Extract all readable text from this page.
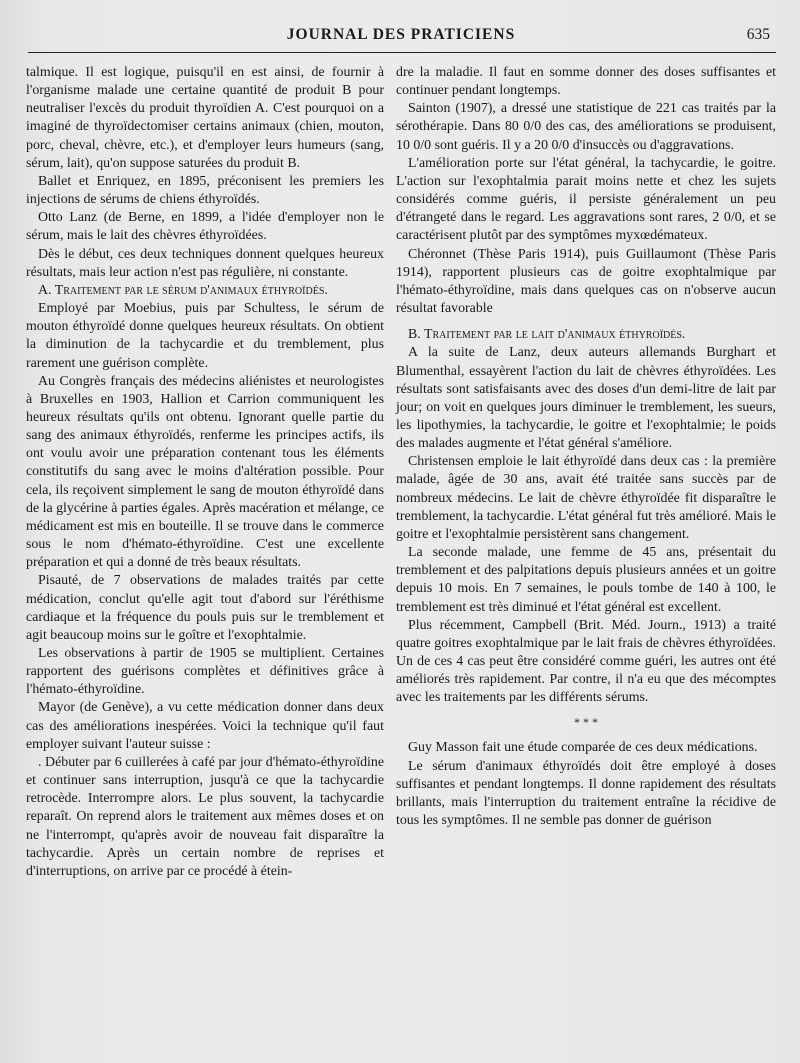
JOURNAL DES PRATICIENS	635

talmique. Il est logique, puisqu'il en est ainsi, de fournir à l'organisme malade une certaine quantité de produit B pour neutraliser l'excès du produit thyroïdien A. C'est pourquoi on a imaginé de thyroïdectomiser certains animaux (chien, mouton, porc, cheval, chèvre, etc.), et d'employer leurs humeurs (sang, sérum, lait), qu'on suppose saturées du produit B.

Ballet et Enriquez, en 1895, préconisent les premiers les injections de sérums de chiens éthyroïdés.

Otto Lanz (de Berne, en 1899, a l'idée d'employer non le sérum, mais le lait des chèvres éthyroïdées.

Dès le début, ces deux techniques donnent quelques heureux résultats, mais leur action n'est pas régulière, ni constante.

A. Traitement par le sérum d'animaux éthyroïdés.

Employé par Moebius, puis par Schultess, le sérum de mouton éthyroïdé donne quelques heureux résultats. On obtient la diminution de la tachycardie et du tremblement, plus rarement une guérison complète.

Au Congrès français des médecins aliénistes et neurologistes à Bruxelles en 1903, Hallion et Carrion communiquent les heureux résultats qu'ils ont obtenu. Ignorant quelle partie du sang des animaux éthyroïdés, renferme les principes actifs, ils ont voulu avoir une préparation contenant tous les éléments constitutifs du sang avec le moins d'altération possible. Pour cela, ils reçoivent simplement le sang de mouton éthyroïdé dans de la glycérine à parties égales. Après macération et mélange, ce médicament est mis en bouteille. Il se trouve dans le commerce sous le nom d'hémato-éthyroïdine. C'est une excellente préparation et qui a donné de très beaux résultats.

Pisauté, de 7 observations de malades traités par cette médication, conclut qu'elle agit tout d'abord sur l'éréthisme cardiaque et la fréquence du pouls puis sur le tremblement et agit beaucoup moins sur le goître et l'exophtalmie.

Les observations à partir de 1905 se multiplient. Certaines rapportent des guérisons complètes et définitives grâce à l'hémato-éthyroïdine.

Mayor (de Genève), a vu cette médication donner dans deux cas des améliorations inespérées. Voici la technique qu'il faut employer suivant l'auteur suisse :

. Débuter par 6 cuillerées à café par jour d'hémato-éthyroïdine et continuer sans interruption, jusqu'à ce que la tachycardie retrocède. Interrompre alors. Le plus souvent, la tachycardie reparaît. On reprend alors le traitement aux mêmes doses et on ne l'interrompt, qu'après avoir de nouveau fait disparaître la tachycardie. Après un certain nombre de reprises et d'interruptions, on arrive par ce procédé à étein-

dre la maladie. Il faut en somme donner des doses suffisantes et continuer pendant longtemps.

Sainton (1907), a dressé une statistique de 221 cas traités par la sérothérapie. Dans 80 0/0 des cas, des améliorations se produisent, 10 0/0 sont guéris. Il y a 20 0/0 d'insuccès ou d'aggravations.

L'amélioration porte sur l'état général, la tachycardie, le goitre. L'action sur l'exophtalmia parait moins nette et chez les sujets considérés comme guéris, il persiste généralement un peu d'étrangeté dans le regard. Les aggravations sont rares, 2 0/0, et se caractérisent plutôt par des symptômes myxœdémateux.

Chéronnet (Thèse Paris 1914), puis Guillaumont (Thèse Paris 1914), rapportent plusieurs cas de goitre exophtalmique par l'hémato-éthyroïdine, mais dans quelques cas on n'observe aucun résultat favorable

B. Traitement par le lait d'animaux éthyroïdés.

A la suite de Lanz, deux auteurs allemands Burghart et Blumenthal, essayèrent l'action du lait de chèvres éthyroïdées. Les résultats sont satisfaisants avec des doses d'un demi-litre de lait par jour; on voit en quelques jours diminuer le tremblement, les sueurs, les lipothymies, la tachycardie, le goitre et l'exophtalmie; le poids des malades augmente et l'état général s'améliore.

Christensen emploie le lait éthyroïdé dans deux cas : la première malade, âgée de 30 ans, avait été traitée sans succès par de nombreux médecins. Le lait de chèvre éthyroïdée fit disparaître le tremblement, la tachycardie. L'état général fut très amélioré. Mais le goitre et l'exophtalmie persistèrent sans changement.

La seconde malade, une femme de 45 ans, présentait du tremblement et des palpitations depuis plusieurs années et un goitre depuis 10 mois. En 7 semaines, le pouls tombe de 140 à 100, le tremblement est très diminué et l'état général est excellent.

Plus récemment, Campbell (Brit. Méd. Journ., 1913) a traité quatre goitres exophtalmique par le lait frais de chèvres éthyroïdées. Un de ces 4 cas peut être considéré comme guéri, les autres ont été améliorés très rapidement. Par contre, il n'a eu que des mécomptes avec les traitements par les différents sérums.

* * *

Guy Masson fait une étude comparée de ces deux médications.

Le sérum d'animaux éthyroïdés doit être employé à doses suffisantes et pendant longtemps. Il donne rapidement des résultats brillants, mais l'interruption du traitement entraîne la récidive de tous les symptômes. Il ne semble pas donner de guérison
